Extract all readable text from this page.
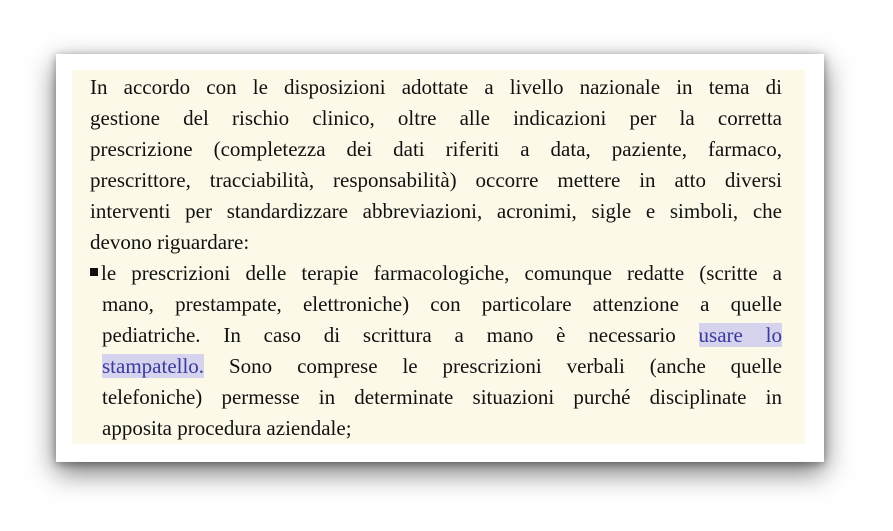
In accordo con le disposizioni adottate a livello nazionale in tema di
gestione del rischio clinico, oltre alle indicazioni per la corretta
prescrizione (completezza dei dati riferiti a data, paziente, farmaco,
prescrittore, tracciabilità, responsabilità) occorre mettere in atto diversi
interventi per standardizzare abbreviazioni, acronimi, sigle e simboli, che
devono riguardare:
le prescrizioni delle terapie farmacologiche, comunque redatte (scritte a
mano, prestampate, elettroniche) con particolare attenzione a quelle
pediatriche. In caso di scrittura a mano è necessario usare lo
stampatello. Sono comprese le prescrizioni verbali (anche quelle
telefoniche) permesse in determinate situazioni purché disciplinate in
apposita procedura aziendale;
